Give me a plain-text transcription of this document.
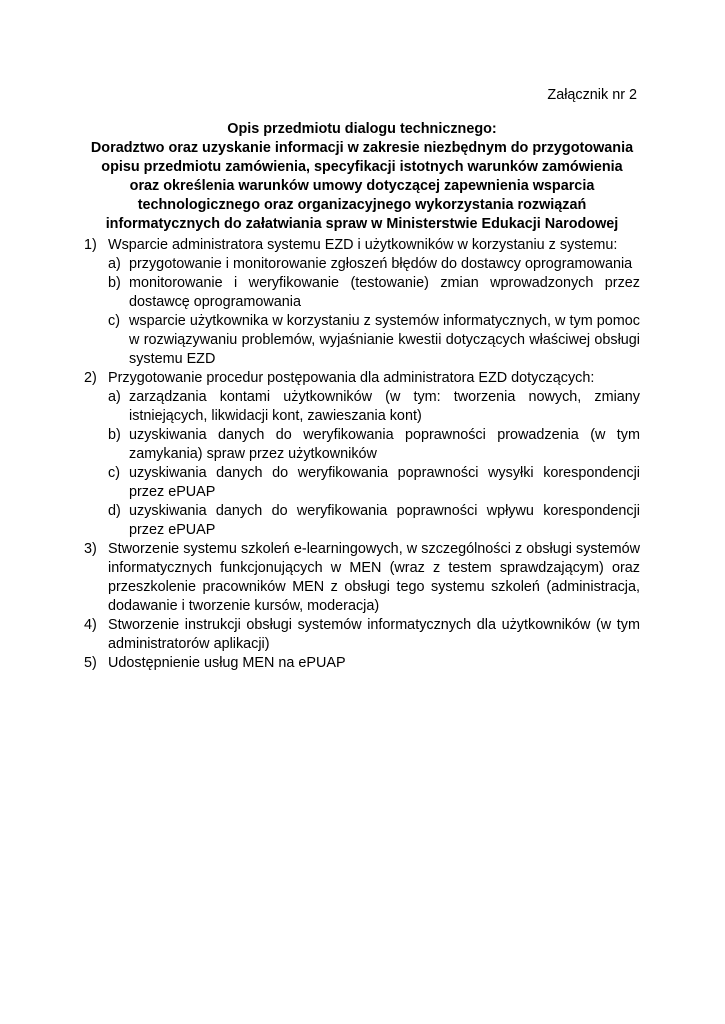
Załącznik nr 2
Opis przedmiotu dialogu technicznego:
Doradztwo oraz uzyskanie informacji w zakresie niezbędnym do przygotowania
opisu przedmiotu zamówienia, specyfikacji istotnych warunków zamówienia
oraz określenia warunków umowy dotyczącej zapewnienia wsparcia
technologicznego oraz organizacyjnego wykorzystania rozwiązań
informatycznych do załatwiania spraw w Ministerstwie Edukacji Narodowej
1) Wsparcie administratora systemu EZD i użytkowników w korzystaniu z systemu:
a) przygotowanie i monitorowanie zgłoszeń błędów do dostawcy oprogramowania
b) monitorowanie i weryfikowanie (testowanie) zmian wprowadzonych przez dostawcę oprogramowania
c) wsparcie użytkownika w korzystaniu z systemów informatycznych, w tym pomoc w rozwiązywaniu problemów, wyjaśnianie kwestii dotyczących właściwej obsługi systemu EZD
2) Przygotowanie procedur postępowania dla administratora EZD dotyczących:
a) zarządzania kontami użytkowników (w tym: tworzenia nowych, zmiany istniejących, likwidacji kont, zawieszania kont)
b) uzyskiwania danych do weryfikowania poprawności prowadzenia (w tym zamykania) spraw przez użytkowników
c) uzyskiwania danych do weryfikowania poprawności wysyłki korespondencji przez ePUAP
d) uzyskiwania danych do weryfikowania poprawności wpływu korespondencji przez ePUAP
3) Stworzenie systemu szkoleń e-learningowych, w szczególności z obsługi systemów informatycznych funkcjonujących w MEN (wraz z testem sprawdzającym) oraz przeszkolenie pracowników MEN z obsługi tego systemu szkoleń (administracja, dodawanie i tworzenie kursów, moderacja)
4) Stworzenie instrukcji obsługi systemów informatycznych dla użytkowników (w tym administratorów aplikacji)
5) Udostępnienie usług MEN na ePUAP
